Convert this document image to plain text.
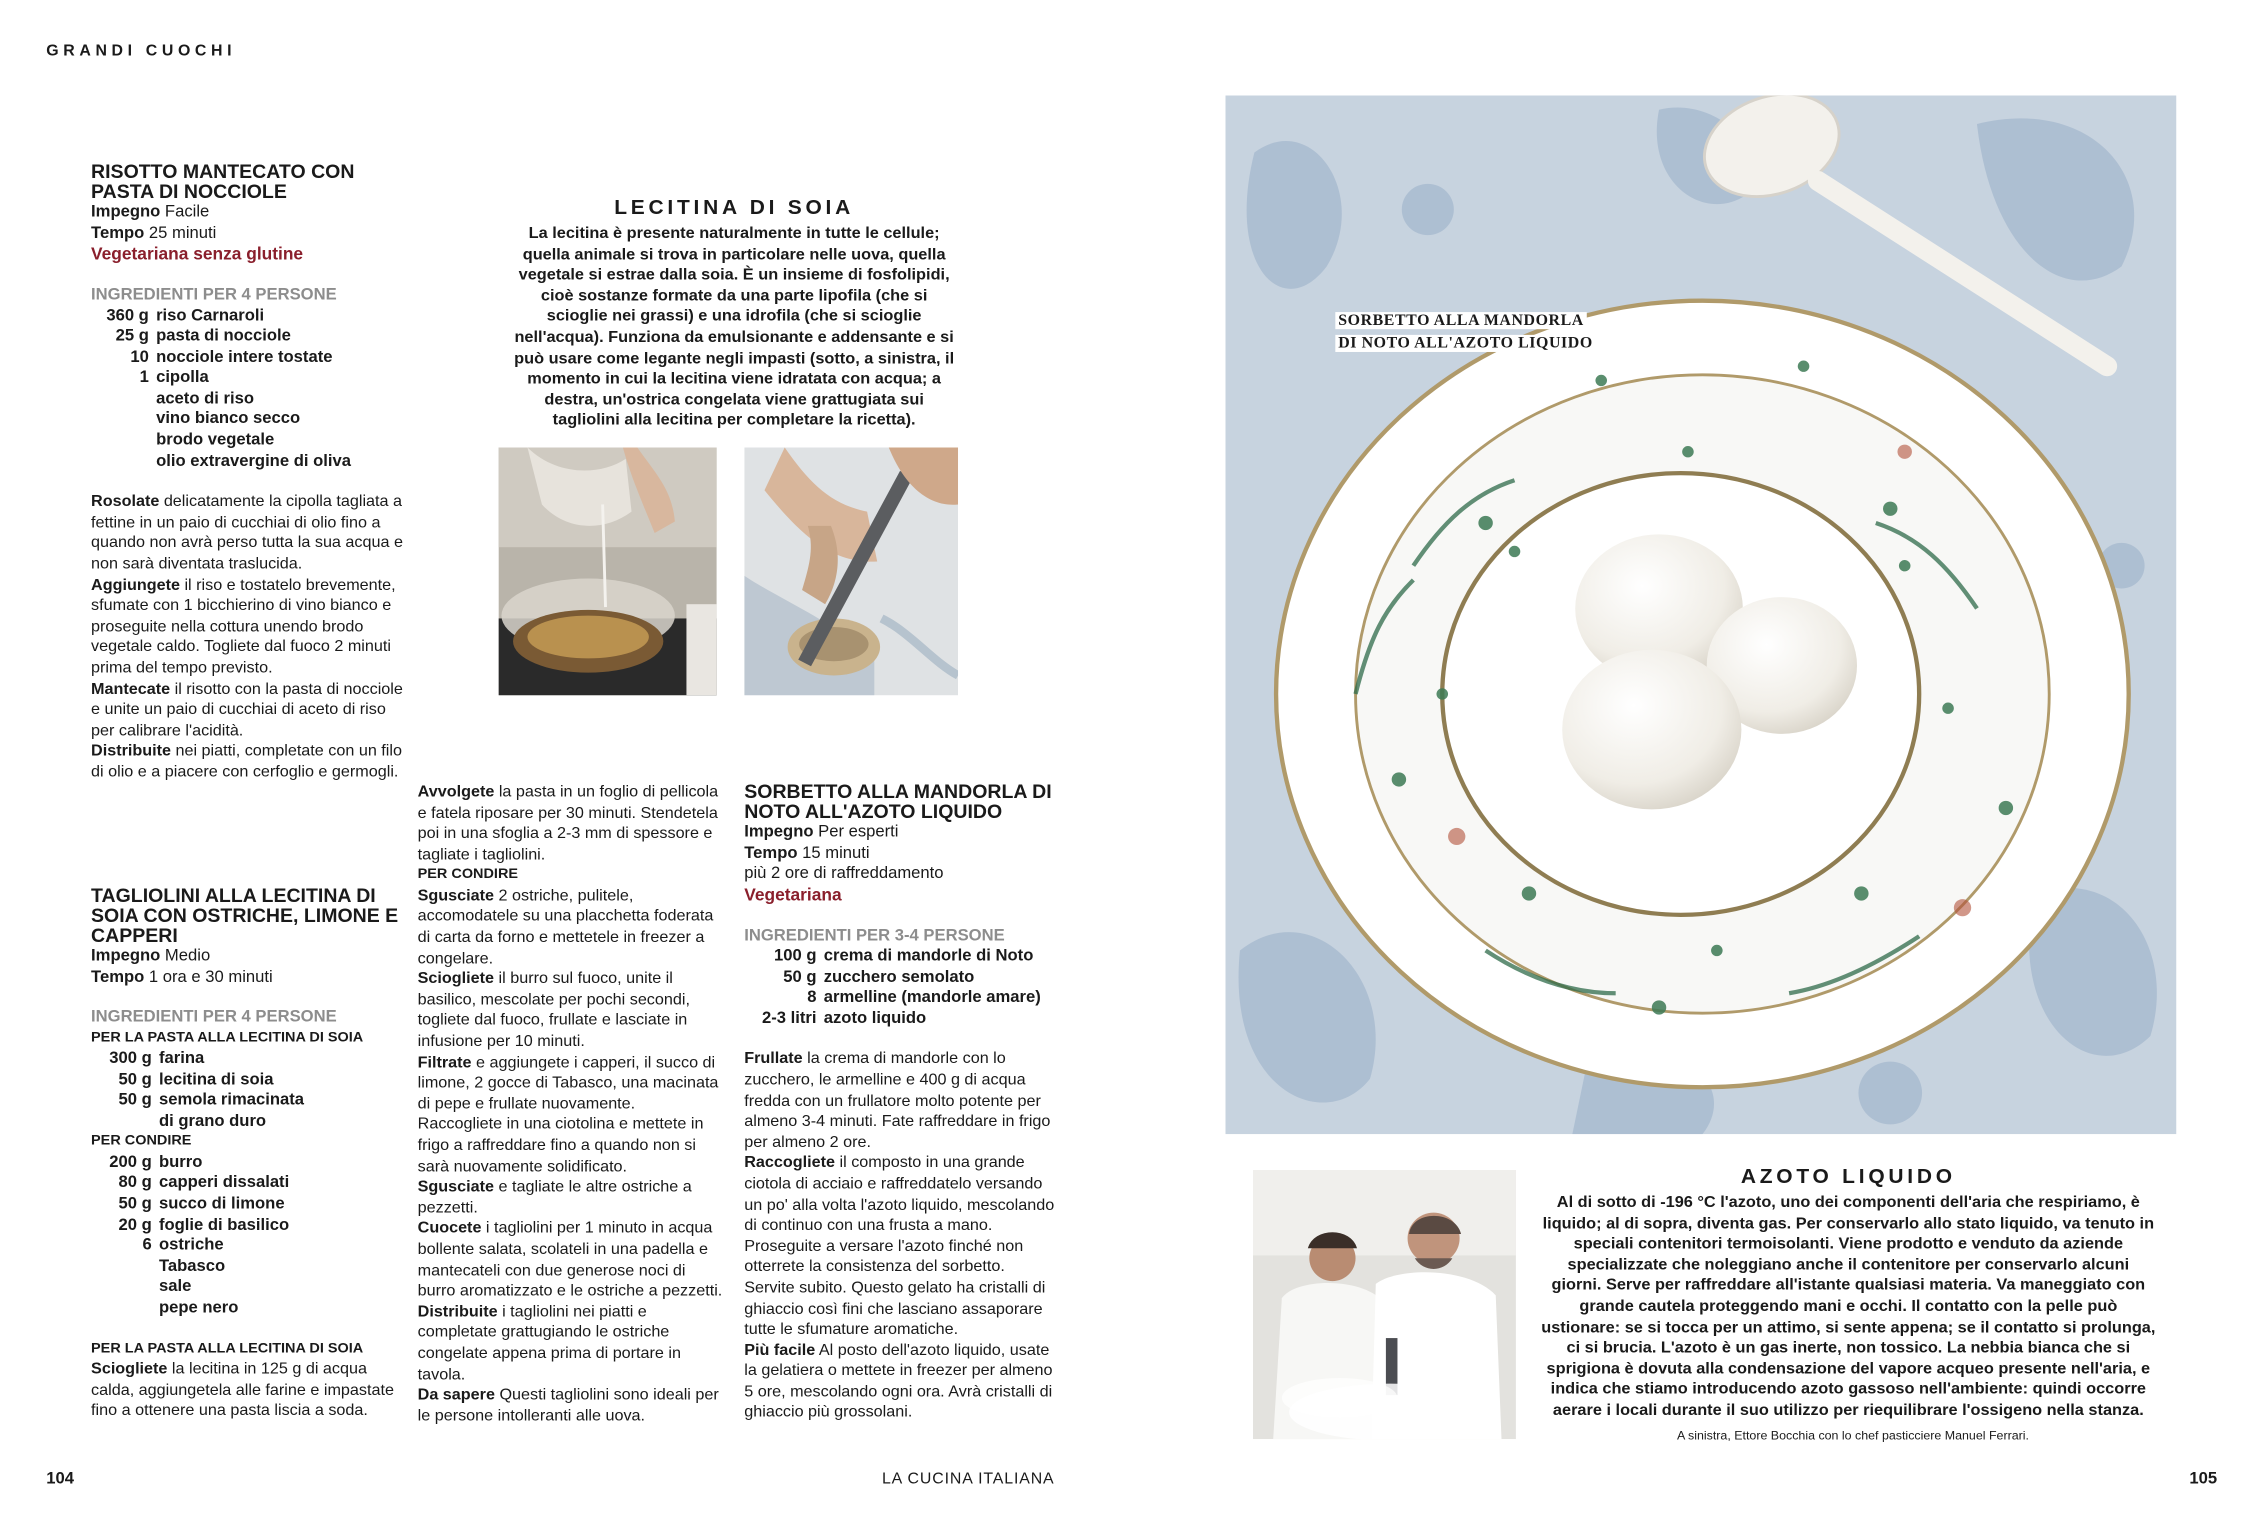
GRANDI CUOCHI
RISOTTO MANTECATO CON PASTA DI NOCCIOLE
Impegno Facile
Tempo 25 minuti
Vegetariana senza glutine
INGREDIENTI PER 4 PERSONE
360 g	riso Carnaroli
25 g	pasta di nocciole
10	nocciole intere tostate
1	cipolla
	aceto di riso
	vino bianco secco
	brodo vegetale
	olio extravergine di oliva

Rosolate delicatamente la cipolla tagliata a fettine in un paio di cucchiai di olio fino a quando non avrà perso tutta la sua acqua e non sarà diventata traslucida.

Aggiungete il riso e tostatelo brevemente, sfumate con 1 bicchierino di vino bianco e proseguite nella cottura unendo brodo vegetale caldo. Togliete dal fuoco 2 minuti prima del tempo previsto.

Mantecate il risotto con la pasta di nocciole e unite un paio di cucchiai di aceto di riso per calibrare l'acidità.

Distribuite nei piatti, completate con un filo di olio e a piacere con cerfoglio e germogli.

TAGLIOLINI ALLA LECITINA DI SOIA CON OSTRICHE, LIMONE E CAPPERI
Impegno Medio
Tempo 1 ora e 30 minuti
INGREDIENTI PER 4 PERSONE
PER LA PASTA ALLA LECITINA DI SOIA
300 g	farina
50 g	lecitina di soia
50 g	semola rimacinata
	di grano duro
PER CONDIRE
200 g	burro
80 g	capperi dissalati
50 g	succo di limone
20 g	foglie di basilico
6	ostriche
	Tabasco
	sale
	pepe nero
PER LA PASTA ALLA LECITINA DI SOIA
Sciogliete la lecitina in 125 g di acqua calda, aggiungetela alle farine e impastate fino a ottenere una pasta liscia a soda.

Avvolgete la pasta in un foglio di pellicola e fatela riposare per 30 minuti. Stendetela poi in una sfoglia a 2-3 mm di spessore e tagliate i tagliolini.

PER CONDIRE

Sgusciate 2 ostriche, pulitele, accomodatele su una placchetta foderata di carta da forno e mettetele in freezer a congelare.

Sciogliete il burro sul fuoco, unite il basilico, mescolate per pochi secondi, togliete dal fuoco, frullate e lasciate in infusione per 10 minuti.

Filtrate e aggiungete i capperi, il succo di limone, 2 gocce di Tabasco, una macinata di pepe e frullate nuovamente. Raccogliete in una ciotolina e mettete in frigo a raffreddare fino a quando non si sarà nuovamente solidificato.

Sgusciate e tagliate le altre ostriche a pezzetti.

Cuocete i tagliolini per 1 minuto in acqua bollente salata, scolateli in una padella e mantecateli con due generose noci di burro aromatizzato e le ostriche a pezzetti.

Distribuite i tagliolini nei piatti e completate grattugiando le ostriche congelate appena prima di portare in tavola.

Da sapere Questi tagliolini sono ideali per le persone intolleranti alle uova.

LECITINA DI SOIA
La lecitina è presente naturalmente in tutte le cellule; quella animale si trova in particolare nelle uova, quella vegetale si estrae dalla soia. È un insieme di fosfolipidi, cioè sostanze formate da una parte lipofila (che si scioglie nei grassi) e una idrofila (che si scioglie nell'acqua). Funziona da emulsionante e addensante e si può usare come legante negli impasti (sotto, a sinistra, il momento in cui la lecitina viene idratata con acqua; a destra, un'ostrica congelata viene grattugiata sui tagliolini alla lecitina per completare la ricetta).
SORBETTO ALLA MANDORLA DI NOTO ALL'AZOTO LIQUIDO
Impegno Per esperti
Tempo 15 minuti
più 2 ore di raffreddamento
Vegetariana
INGREDIENTI PER 3-4 PERSONE
100 g	crema di mandorle di Noto
50 g	zucchero semolato
8	armelline (mandorle amare)
2-3 litri	azoto liquido

Frullate la crema di mandorle con lo zucchero, le armelline e 400 g di acqua fredda con un frullatore molto potente per almeno 3-4 minuti. Fate raffreddare in frigo per almeno 2 ore.

Raccogliete il composto in una grande ciotola di acciaio e raffreddatelo versando un po' alla volta l'azoto liquido, mescolando di continuo con una frusta a mano. Proseguite a versare l'azoto finché non otterrete la consistenza del sorbetto. Servite subito. Questo gelato ha cristalli di ghiaccio così fini che lasciano assaporare tutte le sfumature aromatiche.

Più facile Al posto dell'azoto liquido, usate la gelatiera o mettete in freezer per almeno 5 ore, mescolando ogni ora. Avrà cristalli di ghiaccio più grossolani.

SORBETTO ALLA MANDORLA
DI NOTO ALL'AZOTO LIQUIDO
AZOTO LIQUIDO
Al di sotto di -196 °C l'azoto, uno dei componenti dell'aria che respiriamo, è liquido; al di sopra, diventa gas. Per conservarlo allo stato liquido, va tenuto in speciali contenitori termoisolanti. Viene prodotto e venduto da aziende specializzate che noleggiano anche il contenitore per conservarlo alcuni giorni. Serve per raffreddare all'istante qualsiasi materia. Va maneggiato con grande cautela proteggendo mani e occhi. Il contatto con la pelle può ustionare: se si tocca per un attimo, si sente appena; se il contatto si prolunga, ci si brucia. L'azoto è un gas inerte, non tossico. La nebbia bianca che si sprigiona è dovuta alla condensazione del vapore acqueo presente nell'aria, e indica che stiamo introducendo azoto gassoso nell'ambiente: quindi occorre aerare i locali durante il suo utilizzo per riequilibrare l'ossigeno nella stanza.
A sinistra, Ettore Bocchia con lo chef pasticciere Manuel Ferrari.
104	LA CUCINA ITALIANA	105
